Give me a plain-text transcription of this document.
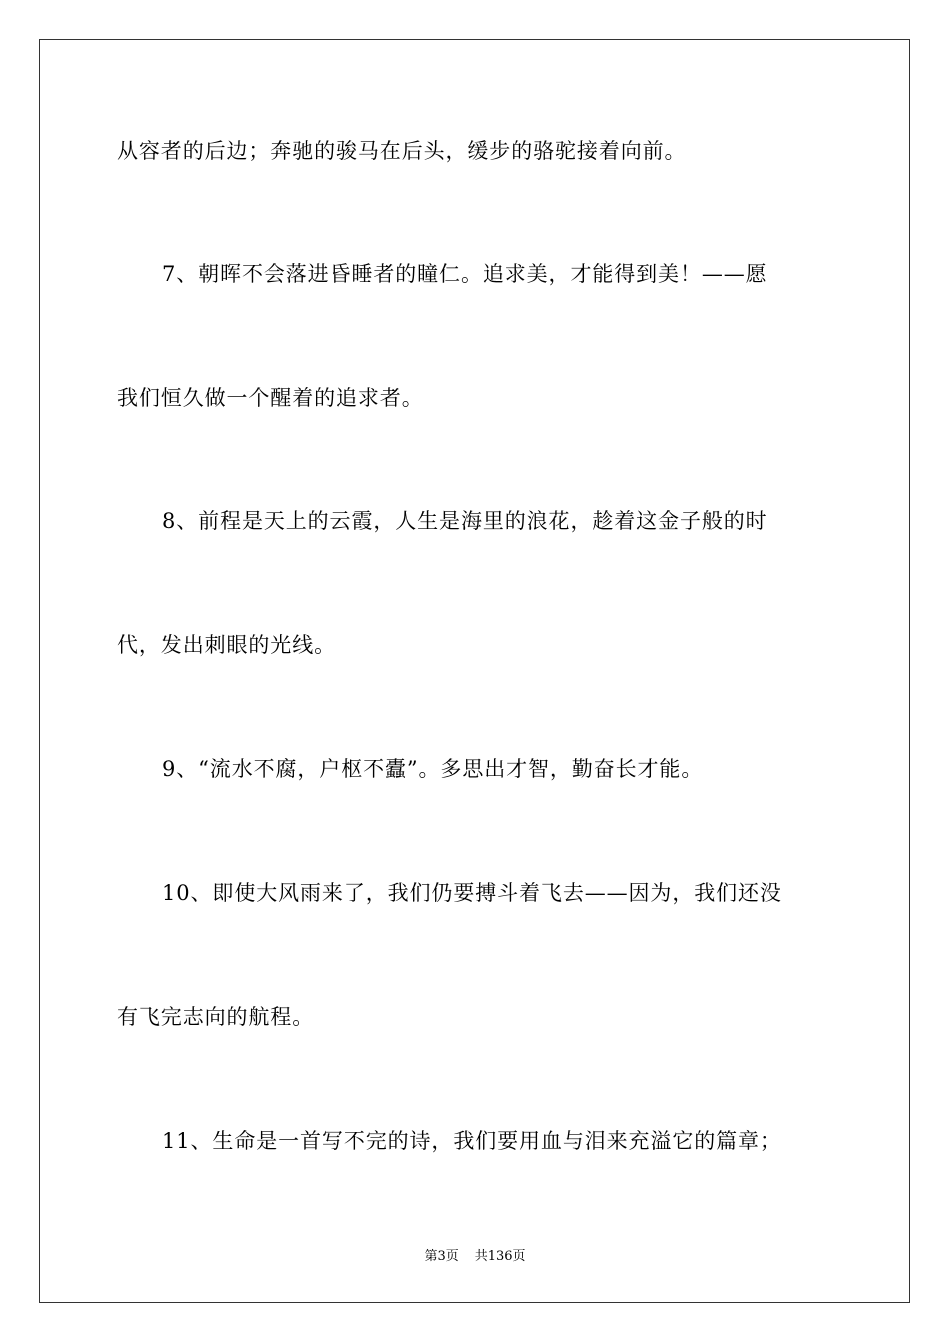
从容者的后边；奔驰的骏马在后头，缓步的骆驼接着向前。
7、朝晖不会落进昏睡者的瞳仁。追求美，才能得到美！——愿
我们恒久做一个醒着的追求者。
8、前程是天上的云霞，人生是海里的浪花，趁着这金子般的时
代，发出刺眼的光线。
9、“流水不腐，户枢不蠹”。多思出才智，勤奋长才能。
10、即使大风雨来了，我们仍要搏斗着飞去——因为，我们还没
有飞完志向的航程。
11、生命是一首写不完的诗，我们要用血与泪来充溢它的篇章；
第3页 共136页
